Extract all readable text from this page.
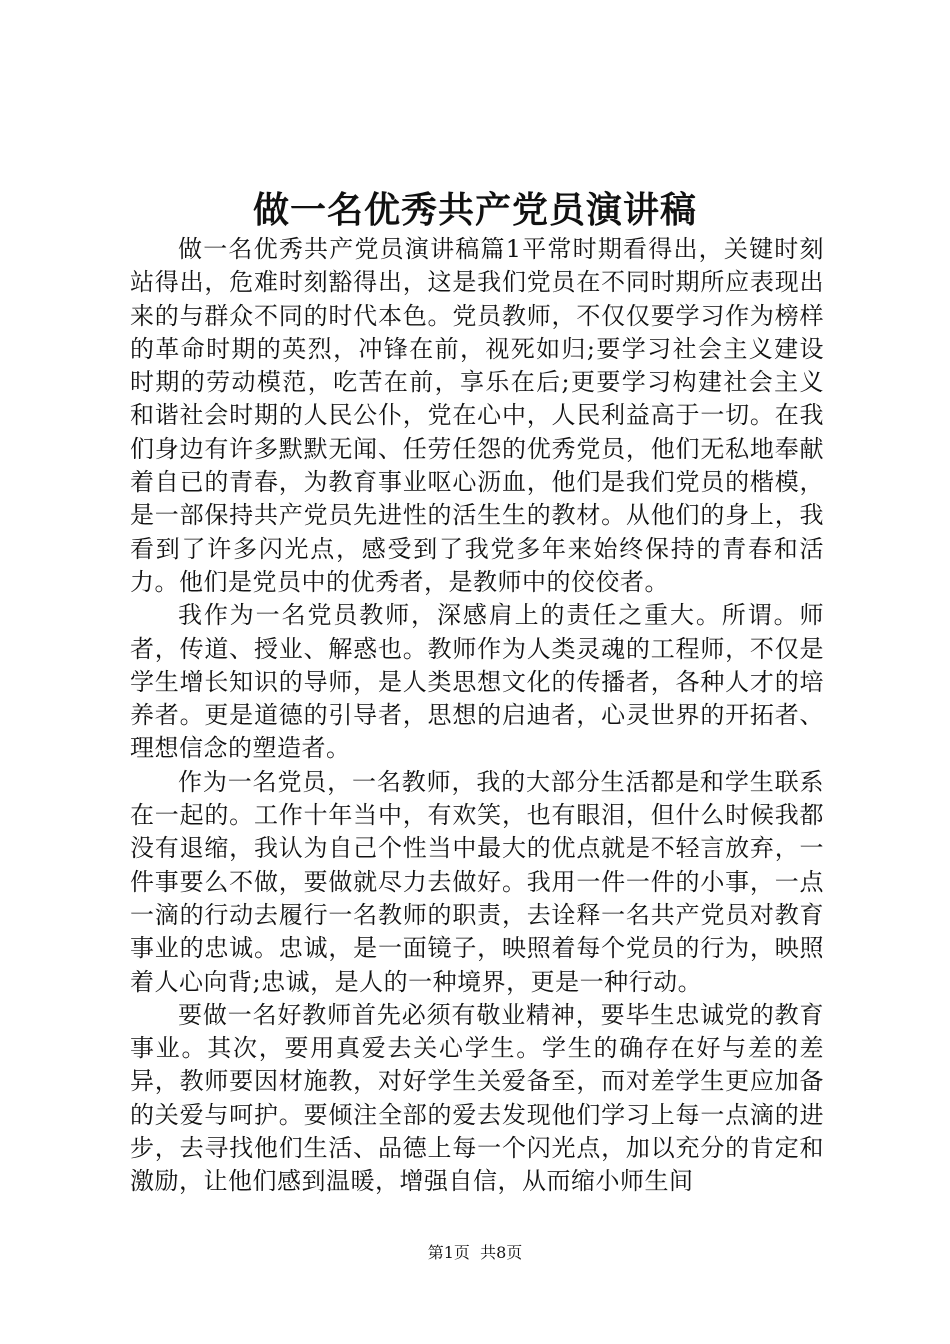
做一名优秀共产党员演讲稿

做一名优秀共产党员演讲稿篇1平常时期看得出，关键时刻站得出，危难时刻豁得出，这是我们党员在不同时期所应表现出来的与群众不同的时代本色。党员教师，不仅仅要学习作为榜样的革命时期的英烈，冲锋在前，视死如归;要学习社会主义建设时期的劳动模范，吃苦在前，享乐在后;更要学习构建社会主义和谐社会时期的人民公仆，党在心中，人民利益高于一切。在我们身边有许多默默无闻、任劳任怨的优秀党员，他们无私地奉献着自已的青春，为教育事业呕心沥血，他们是我们党员的楷模，是一部保持共产党员先进性的活生生的教材。从他们的身上，我看到了许多闪光点，感受到了我党多年来始终保持的青春和活力。他们是党员中的优秀者，是教师中的佼佼者。

我作为一名党员教师，深感肩上的责任之重大。所谓。师者，传道、授业、解惑也。教师作为人类灵魂的工程师，不仅是学生增长知识的导师，是人类思想文化的传播者，各种人才的培养者。更是道德的引导者，思想的启迪者，心灵世界的开拓者、理想信念的塑造者。

作为一名党员，一名教师，我的大部分生活都是和学生联系在一起的。工作十年当中，有欢笑，也有眼泪，但什么时候我都没有退缩，我认为自己个性当中最大的优点就是不轻言放弃，一件事要么不做，要做就尽力去做好。我用一件一件的小事，一点一滴的行动去履行一名教师的职责，去诠释一名共产党员对教育事业的忠诚。忠诚，是一面镜子，映照着每个党员的行为，映照着人心向背;忠诚，是人的一种境界，更是一种行动。

要做一名好教师首先必须有敬业精神，要毕生忠诚党的教育事业。其次，要用真爱去关心学生。学生的确存在好与差的差异，教师要因材施教，对好学生关爱备至，而对差学生更应加备的关爱与呵护。要倾注全部的爱去发现他们学习上每一点滴的进步，去寻找他们生活、品德上每一个闪光点，加以充分的肯定和激励，让他们感到温暖，增强自信，从而缩小师生间

第1页 共8页
